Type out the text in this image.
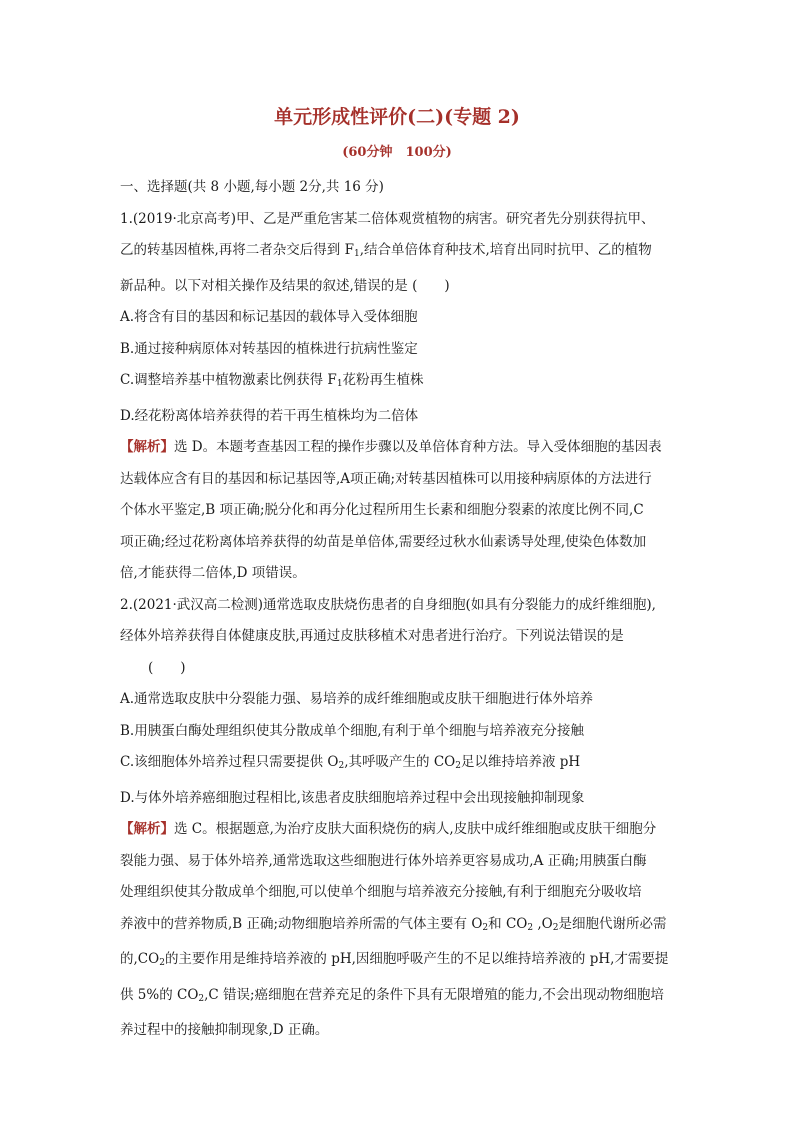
单元形成性评价(二)(专题 2)
(60分钟　100分)
一、选择题(共 8 小题,每小题 2分,共 16 分)
1.(2019·北京高考)甲、乙是严重危害某二倍体观赏植物的病害。研究者先分别获得抗甲、
乙的转基因植株,再将二者杂交后得到 $F_1$,结合单倍体育种技术,培育出同时抗甲、乙的植物
新品种。以下对相关操作及结果的叙述,错误的是 (　　)
A.将含有目的基因和标记基因的载体导入受体细胞
B.通过接种病原体对转基因的植株进行抗病性鉴定
C.调整培养基中植物激素比例获得 $F_1$花粉再生植株
D.经花粉离体培养获得的若干再生植株均为二倍体
【解析】选 D。本题考查基因工程的操作步骤以及单倍体育种方法。导入受体细胞的基因表
达载体应含有目的基因和标记基因等,A项正确;对转基因植株可以用接种病原体的方法进行
个体水平鉴定,B 项正确;脱分化和再分化过程所用生长素和细胞分裂素的浓度比例不同,C
项正确;经过花粉离体培养获得的幼苗是单倍体,需要经过秋水仙素诱导处理,使染色体数加
倍,才能获得二倍体,D 项错误。
2.(2021·武汉高二检测)通常选取皮肤烧伤患者的自身细胞(如具有分裂能力的成纤维细胞),
经体外培养获得自体健康皮肤,再通过皮肤移植术对患者进行治疗。下列说法错误的是
(　　)
A.通常选取皮肤中分裂能力强、易培养的成纤维细胞或皮肤干细胞进行体外培养
B.用胰蛋白酶处理组织使其分散成单个细胞,有利于单个细胞与培养液充分接触
C.该细胞体外培养过程只需要提供 $O_2$,其呼吸产生的 $CO_2$足以维持培养液 pH
D.与体外培养癌细胞过程相比,该患者皮肤细胞培养过程中会出现接触抑制现象
【解析】选 C。根据题意,为治疗皮肤大面积烧伤的病人,皮肤中成纤维细胞或皮肤干细胞分
裂能力强、易于体外培养,通常选取这些细胞进行体外培养更容易成功,A 正确;用胰蛋白酶
处理组织使其分散成单个细胞,可以使单个细胞与培养液充分接触,有利于细胞充分吸收培
养液中的营养物质,B 正确;动物细胞培养所需的气体主要有 $O_2$和 $CO_2$ $,O_2$是细胞代谢所必需
的$,CO_2$的主要作用是维持培养液的 pH,因细胞呼吸产生的不足以维持培养液的 pH,才需要提
供 5%的 $CO_2,C$ 错误;癌细胞在营养充足的条件下具有无限增殖的能力,不会出现动物细胞培
养过程中的接触抑制现象,D 正确。
